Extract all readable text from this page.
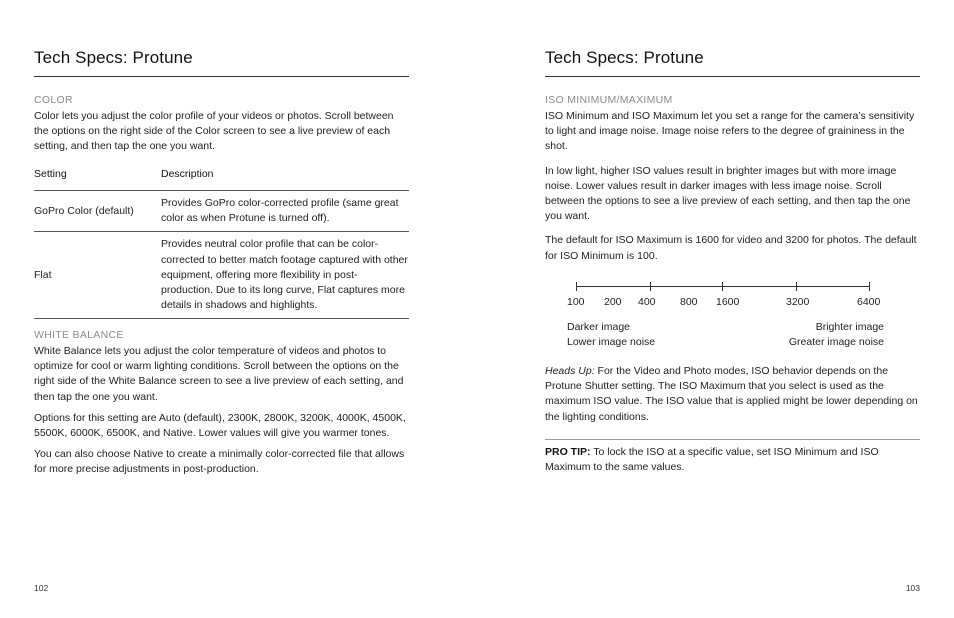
Tech Specs: Protune

COLOR

Color lets you adjust the color profile of your videos or photos. Scroll between the options on the right side of the Color screen to see a live preview of each setting, and then tap the one you want.

Setting	Description
GoPro Color (default)	Provides GoPro color-corrected profile (same great color as when Protune is turned off).
Flat	Provides neutral color profile that can be color-corrected to better match footage captured with other equipment, offering more flexibility in post-production. Due to its long curve, Flat captures more details in shadows and highlights.

WHITE BALANCE

White Balance lets you adjust the color temperature of videos and photos to optimize for cool or warm lighting conditions. Scroll between the options on the right side of the White Balance screen to see a live preview of each setting, and then tap the one you want.

Options for this setting are Auto (default), 2300K, 2800K, 3200K, 4000K, 4500K, 5500K, 6000K, 6500K, and Native. Lower values will give you warmer tones.

You can also choose Native to create a minimally color-corrected file that allows for more precise adjustments in post-production.

102
Tech Specs: Protune

ISO MINIMUM/MAXIMUM

ISO Minimum and ISO Maximum let you set a range for the camera’s sensitivity to light and image noise. Image noise refers to the degree of graininess in the shot.

In low light, higher ISO values result in brighter images but with more image noise. Lower values result in darker images with less image noise. Scroll between the options to see a live preview of each setting, and then tap the one you want.

The default for ISO Maximum is 1600 for video and 3200 for photos. The default for ISO Minimum is 100.

100 200 400 800 1600	3200	6400
Darker image
Lower image noise
Brighter image
Greater image noise

Heads Up: For the Video and Photo modes, ISO behavior depends on the Protune Shutter setting. The ISO Maximum that you select is used as the maximum ISO value. The ISO value that is applied might be lower depending on the lighting conditions.

PRO TIP: To lock the ISO at a specific value, set ISO Minimum and ISO Maximum to the same values.

103
